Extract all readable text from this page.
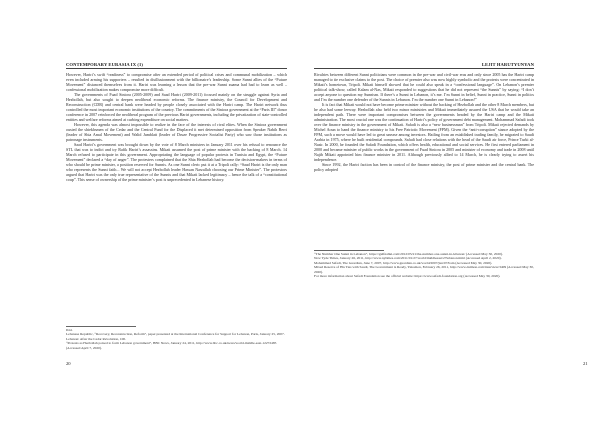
CONTEMPORARY EURASIA IX (1)

However, Hariri’s swift “readiness” to compromise after an extended period of political crises and communal mobilization – which even included arming his supporters – resulted in disillusionment with the billionaire’s leadership. Some Sunni allies of the “Future Movement” distanced themselves from it. Hariri was learning a lesson that the pre-war Sunni zuama had had to learn as well – confessional mobilization makes compromise more difficult.

The governments of Fuad Siniora (2005-2009) and Saad Hariri (2009-2011) focused mainly on the struggle against Syria and Hezbollah, but also sought to deepen neoliberal economic reforms. The finance ministry, the Council for Development and Reconstruction (CDR) and central bank were headed by people closely associated with the Hariri camp. The Hariri network thus controlled the most important economic institutions of the country. The commitments of the Siniora government at the “Paris III” donor conference in 2007 reinforced the neoliberal program of the previous Hariri governments, including the privatization of state-controlled entities and welfare reforms aimed at curbing expenditure on social matters.

However, this agenda was almost impossible to realize in the face of the interests of rival elites. When the Siniora government ousted the shiekhsmen of the Cedar and the Central Fund for the Displaced it met determined opposition from Speaker Nabih Berri (leader of Shia Amal Movement) and Walid Jumblatt (leader of Druze Progressive Socialist Party) who saw those institutions as patronage instruments.

Saad Hariri’s government was brought down by the vote of 8 March ministers in January 2011 over his refusal to renounce the STL that was to indict and try Rafik Hariri’s assassins. Mikati assumed the post of prime minister with the backing of 8 March. 14 March refused to participate in this government. Appropriating the language of popular protests in Tunisia and Egypt, the “Future Movement” declared a “day of anger”. The protesters complained that the Shia Hezbollah had become the decision-makers in terms of who should be prime minister, a position reserved for Sunnis. As one Sunni cleric put it at a Tripoli rally: “Saad Hariri is the only man who represents the Sunni faith... We will not accept Hezbollah leader Hassan Nasrallah choosing our Prime Minister”. The protestors argued that Hariri was the only true representative of the Sunnis and that Mikati lacked legitimacy – hence the talk of a “constitutional coup”. This sense of ownership of the prime minister’s post is unprecedented in Lebanese history.

Ibid.
Lebanese Republic, “Recovery, Reconstruction, Reform”, paper presented at the International Conference for Support for Lebanon, Paris, January 25, 2007.
Lebanon: After the Cedar Revolution, 100.
“Protests as Hezbollah poised to form Lebanon government”, BBC News, January 24, 2011, http://www.bbc.co.uk/news/world-middle-east-12272485 (Accessed April 7, 2020).
20
LEJIT HARUTYUNYAN

Rivalries between different Sunni politicians were common in the pre-war and civil-war eras and only since 2005 has the Hariri camp managed to tie exclusive claims to the post. The choice of premier also was now highly symbolic and the protests were concentrated in Mikati’s hometown, Tripoli. Mikati himself showed that he could also speak in a “confessional language”. On Lebanon’s premier political talk-show, called Kalam al-Nas, Mikati responded to suggestions that he did not represent “the Sunnis” by saying: “I don’t accept anyone to question my Sunnism. If there’s a Sunni in Lebanon, it’s me. I’m Sunni in belief, Sunni in practice, Sunni in politics and I’m the number one defender of the Sunnis in Lebanon. I’m the number one Sunni in Lebanon!”

It is fact that Mikati would not have become prime minister without the backing of Hezbollah and the other 8 March members, but he also had some leeway. Hezbollah also held two minor ministries and Mikati immediately assured the USA that he would take an independent path. There were important compromises between the governments headed by the Hariri camp and the Mikati administration. The most crucial one was the continuation of Hariri’s policy of government debt management. Mohammad Safadi took over the finance ministry in the government of Mikati. Safadi is also a “new businessman” from Tripoli. Mikati rejected demands by Michel Aoun to hand the finance ministry to his Free Patriotic Movement (FPM). Given the “anti-corruption” stance adopted by the FPM, such a move would have led to great unease among investors. Hailing from an established trading family, he migrated to Saudi Arabia in 1975, where he built residential compounds. Safadi had close relations with the head of the Saudi air force, Prince Turki al-Nasir. In 2000, he founded the Safadi Foundation, which offers health, educational and social services. He first entered parliament in 2000 and became minister of public works in the government of Fuad Siniora in 2005 and minister of economy and trade in 2008 until Najib Mikati appointed him finance minister in 2011. Although previously allied to 14 March, he is clearly trying to assert his independence.

Since 1992, the Hariri faction has been in control of the finance ministry, the post of prime minister and the central bank. The policy adopted

“The Number One Sunni in Lebanon”, https://gulfnabki.com/2012/05/21/the-number-one-sunni-in-lebanon/ (Accessed May 30, 2020).
Now Tyde Times, January 26, 2011, http://www.nytimes.com/2011/01/27/world/middleeast/27lebanon.html (Accessed April 2, 2020).
Mohammed Safadi, The Guardian, June 7, 2007, http://www.guardian.co.uk/world/2007/jun/07/bain (Accessed May 30, 2020).
Mixed Reserve of His Ties with Saudi, The Government is Ready, Yakomon, February 26, 2011, http://www.daimon.com/interview/3409 (Accessed May 30, 2020).
For more information about Safadi Foundation see the official website: https://www.safadi-foundation.org (Accessed May 30, 2020).
21
